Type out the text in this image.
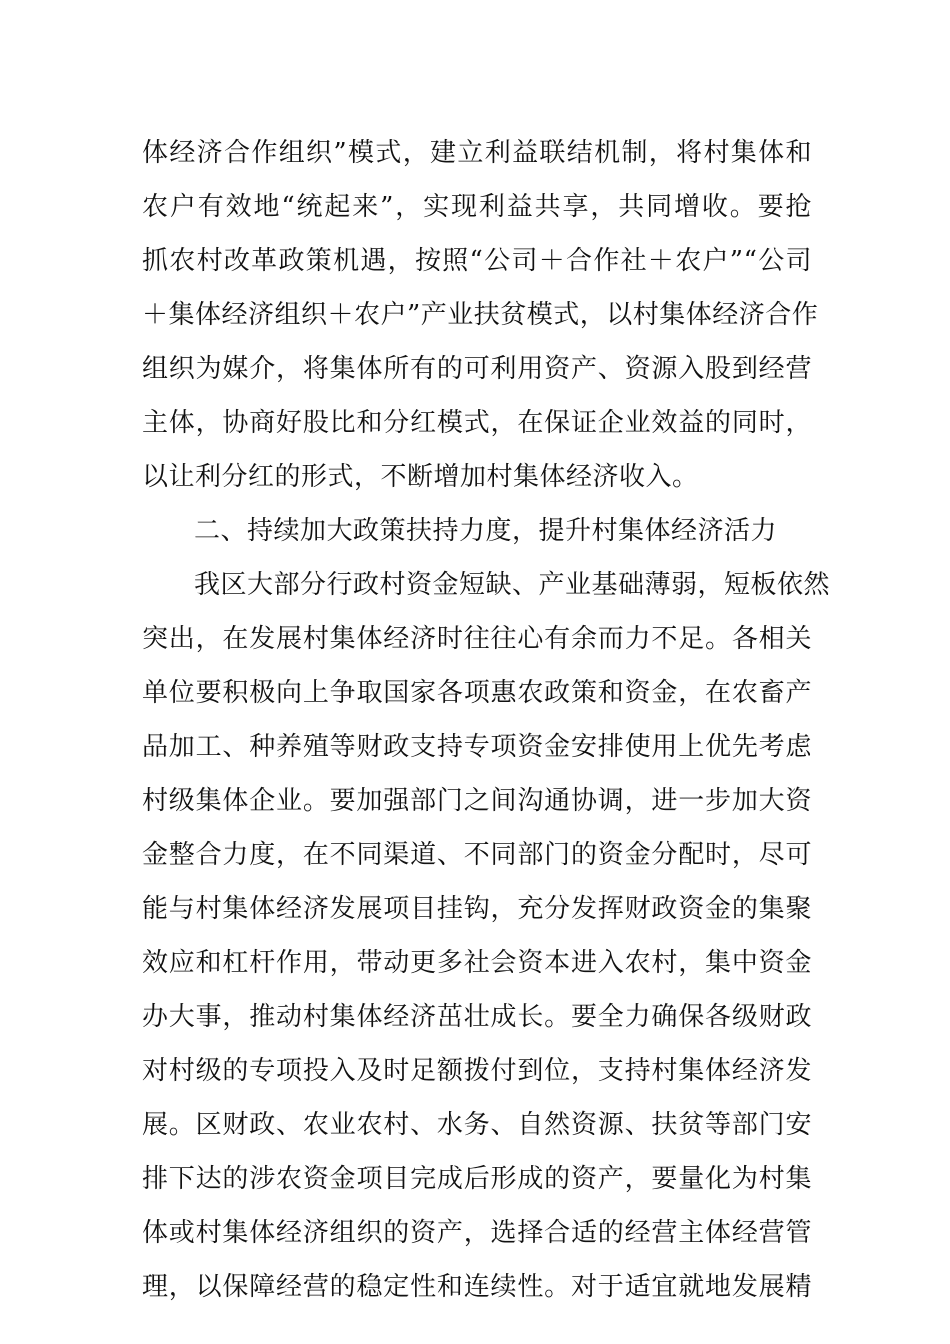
体经济合作组织”模式，建立利益联结机制，将村集体和
农户有效地“统起来”，实现利益共享，共同增收。要抢
抓农村改革政策机遇，按照“公司＋合作社＋农户”“公司
＋集体经济组织＋农户”产业扶贫模式，以村集体经济合作
组织为媒介，将集体所有的可利用资产、资源入股到经营
主体，协商好股比和分红模式，在保证企业效益的同时，
以让利分红的形式，不断增加村集体经济收入。
二、持续加大政策扶持力度，提升村集体经济活力
我区大部分行政村资金短缺、产业基础薄弱，短板依然
突出，在发展村集体经济时往往心有余而力不足。各相关
单位要积极向上争取国家各项惠农政策和资金，在农畜产
品加工、种养殖等财政支持专项资金安排使用上优先考虑
村级集体企业。要加强部门之间沟通协调，进一步加大资
金整合力度，在不同渠道、不同部门的资金分配时，尽可
能与村集体经济发展项目挂钩，充分发挥财政资金的集聚
效应和杠杆作用，带动更多社会资本进入农村，集中资金
办大事，推动村集体经济茁壮成长。要全力确保各级财政
对村级的专项投入及时足额拨付到位，支持村集体经济发
展。区财政、农业农村、水务、自然资源、扶贫等部门安
排下达的涉农资金项目完成后形成的资产，要量化为村集
体或村集体经济组织的资产，选择合适的经营主体经营管
理，以保障经营的稳定性和连续性。对于适宜就地发展精
